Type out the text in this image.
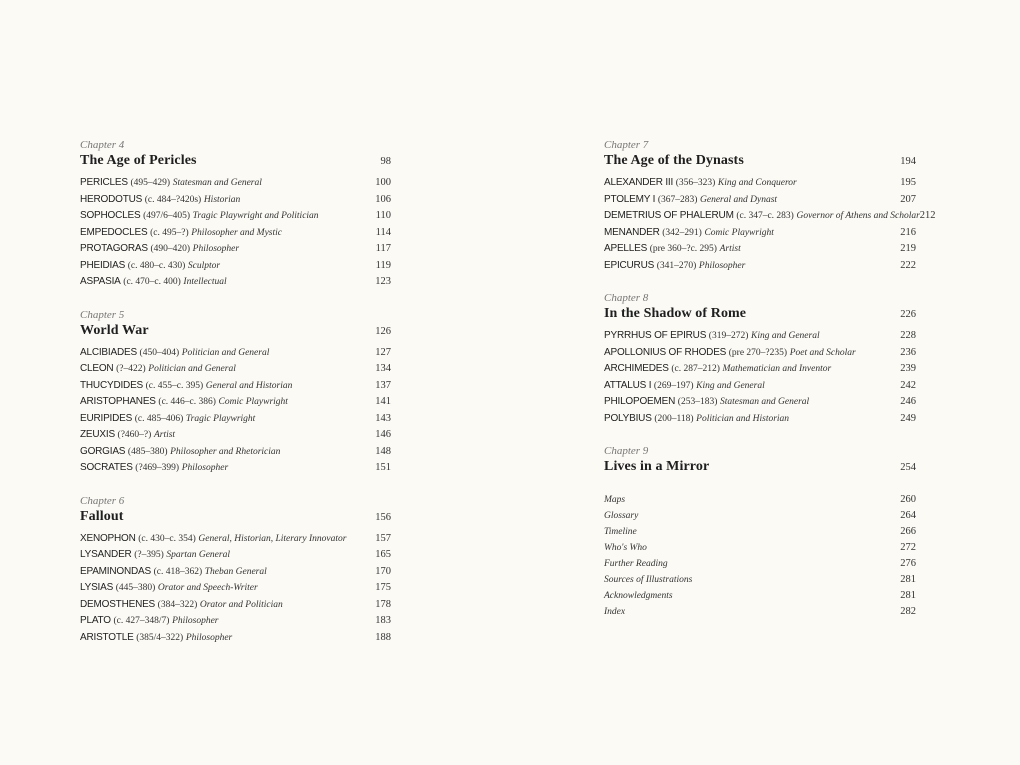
Chapter 4
The Age of Pericles	98
PERICLES (495–429) Statesman and General	100
HERODOTUS (c. 484–?420s) Historian	106
SOPHOCLES (497/6–405) Tragic Playwright and Politician	110
EMPEDOCLES (c. 495–?) Philosopher and Mystic	114
PROTAGORAS (490–420) Philosopher	117
PHEIDIAS (c. 480–c. 430) Sculptor	119
ASPASIA (c. 470–c. 400) Intellectual	123
Chapter 5
World War	126
ALCIBIADES (450–404) Politician and General	127
CLEON (?–422) Politician and General	134
THUCYDIDES (c. 455–c. 395) General and Historian	137
ARISTOPHANES (c. 446–c. 386) Comic Playwright	141
EURIPIDES (c. 485–406) Tragic Playwright	143
ZEUXIS (?460–?) Artist	146
GORGIAS (485–380) Philosopher and Rhetorician	148
SOCRATES (?469–399) Philosopher	151
Chapter 6
Fallout	156
XENOPHON (c. 430–c. 354) General, Historian, Literary Innovator	157
LYSANDER (?–395) Spartan General	165
EPAMINONDAS (c. 418–362) Theban General	170
LYSIAS (445–380) Orator and Speech-Writer	175
DEMOSTHENES (384–322) Orator and Politician	178
PLATO (c. 427–348/7) Philosopher	183
ARISTOTLE (385/4–322) Philosopher	188
Chapter 7
The Age of the Dynasts	194
ALEXANDER III (356–323) King and Conqueror	195
PTOLEMY I (367–283) General and Dynast	207
DEMETRIUS OF PHALERUM (c. 347–c. 283) Governor of Athens and Scholar 212
MENANDER (342–291) Comic Playwright	216
APELLES (pre 360–?c. 295) Artist	219
EPICURUS (341–270) Philosopher	222
Chapter 8
In the Shadow of Rome	226
PYRRHUS OF EPIRUS (319–272) King and General	228
APOLLONIUS OF RHODES (pre 270–?235) Poet and Scholar	236
ARCHIMEDES (c. 287–212) Mathematician and Inventor	239
ATTALUS I (269–197) King and General	242
PHILOPOEMEN (253–183) Statesman and General	246
POLYBIUS (200–118) Politician and Historian	249
Chapter 9
Lives in a Mirror	254
Maps	260
Glossary	264
Timeline	266
Who's Who	272
Further Reading	276
Sources of Illustrations	281
Acknowledgments	281
Index	282
